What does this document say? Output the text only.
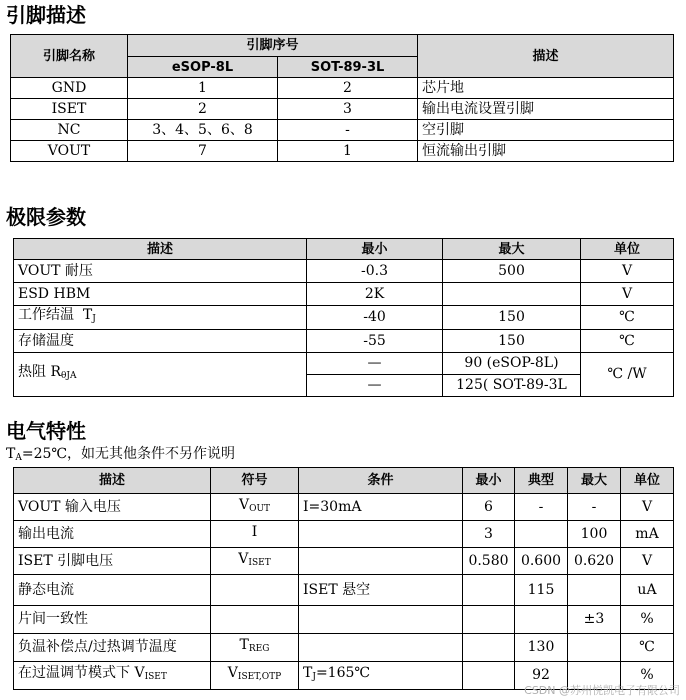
引脚描述
引脚名称	引脚序号		描述
	eSOP-8L	SOT-89-3L	
GND	1	2	芯片地
ISET	2	3	输出电流设置引脚
NC	3、4、5、6、8	-	空引脚
VOUT	7	1	恒流输出引脚
极限参数
描述	最小	最大	单位
VOUT 耐压	-0.3	500	V
ESD HBM	2K		V
工作结温 $T_J$	-40	150	℃
存储温度	-55	150	℃
热阻 $R_{\theta JA}$	—	90 (eSOP-8L)	℃ /W
	—	125( SOT-89-3L	
电气特性
$T_A=25℃$，如无其他条件不另作说明
描述	符号	条件	最小	典型	最大	单位
VOUT 输入电压	$V_{OUT}$	I=30mA	6	-	-	V
输出电流	I		3		100	mA
ISET 引脚电压	$V_{ISET}$		0.580	0.600	0.620	V
静态电流		ISET 悬空		115		uA
片间一致性					±3	%
负温补偿点/过热调节温度	$T_{REG}$			130		℃
在过温调节模式下 $V_{ISET}$	$V_{ISET,OTP}$	$T_J=165℃$		92		%
CSDN @苏州悦凯电子有限公司
